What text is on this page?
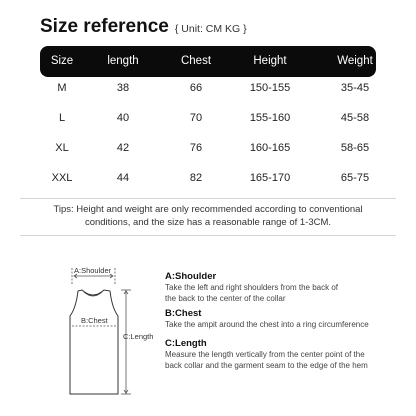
Size reference { Unit: CM KG }
Size	length	Chest	Height	Weight
M	38	66	150-155	35-45
L	40	70	155-160	45-58
XL	42	76	160-165	58-65
XXL	44	82	165-170	65-75
Tips: Height and weight are only recommended according to conventional
conditions, and the size has a reasonable range of 1-3CM.
A:Shoulder
B:Chest
C:Length
A:Shoulder
Take the left and right shoulders from the back of
the back to the center of the collar
B:Chest
Take the ampit around the chest into a ring circumference
C:Length
Measure the length vertically from the center point of the
back collar and the garment seam to the edge of the hem
